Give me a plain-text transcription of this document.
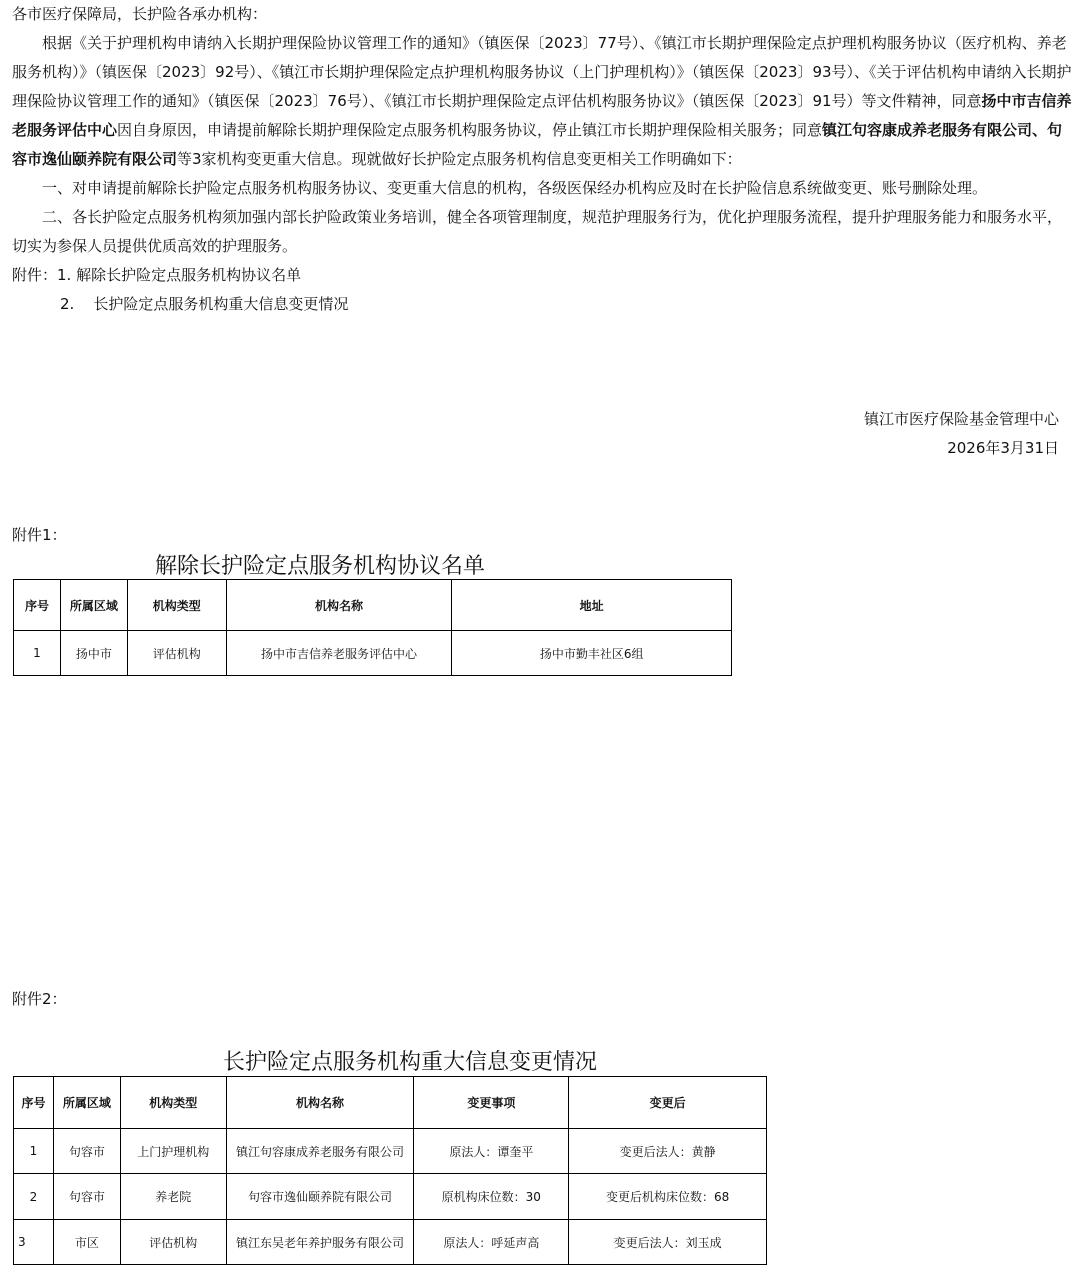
各市医疗保障局，长护险各承办机构：

根据《关于护理机构申请纳入长期护理保险协议管理工作的通知》（镇医保〔2023〕77号）、《镇江市长期护理保险定点护理机构服务协议（医疗机构、养老服务机构）》（镇医保〔2023〕92号）、《镇江市长期护理保险定点护理机构服务协议（上门护理机构）》（镇医保〔2023〕93号）、《关于评估机构申请纳入长期护理保险协议管理工作的通知》（镇医保〔2023〕76号）、《镇江市长期护理保险定点评估机构服务协议》（镇医保〔2023〕91号）等文件精神，同意扬中市吉信养老服务评估中心因自身原因，申请提前解除长期护理保险定点服务机构服务协议，停止镇江市长期护理保险相关服务；同意镇江句容康成养老服务有限公司、句容市逸仙颐养院有限公司等3家机构变更重大信息。现就做好长护险定点服务机构信息变更相关工作明确如下：

一、对申请提前解除长护险定点服务机构服务协议、变更重大信息的机构，各级医保经办机构应及时在长护险信息系统做变更、账号删除处理。

二、各长护险定点服务机构须加强内部长护险政策业务培训，健全各项管理制度，规范护理服务行为，优化护理服务流程，提升护理服务能力和服务水平，切实为参保人员提供优质高效的护理服务。

附件：1. 解除长护险定点服务机构协议名单

2.    长护险定点服务机构重大信息变更情况

镇江市医疗保险基金管理中心
2026年3月31日
附件1：
解除长护险定点服务机构协议名单
序号	所属区域	机构类型	机构名称	地址
1	扬中市	评估机构	扬中市吉信养老服务评估中心	扬中市勤丰社区6组
附件2：
长护险定点服务机构重大信息变更情况
序号	所属区域	机构类型	机构名称	变更事项	变更后
1	句容市	上门护理机构	镇江句容康成养老服务有限公司	原法人：谭奎平	变更后法人：黄静
2	句容市	养老院	句容市逸仙颐养院有限公司	原机构床位数：30	变更后机构床位数：68
3	市区	评估机构	镇江东吴老年养护服务有限公司	原法人：呼延声高	变更后法人：刘玉成
